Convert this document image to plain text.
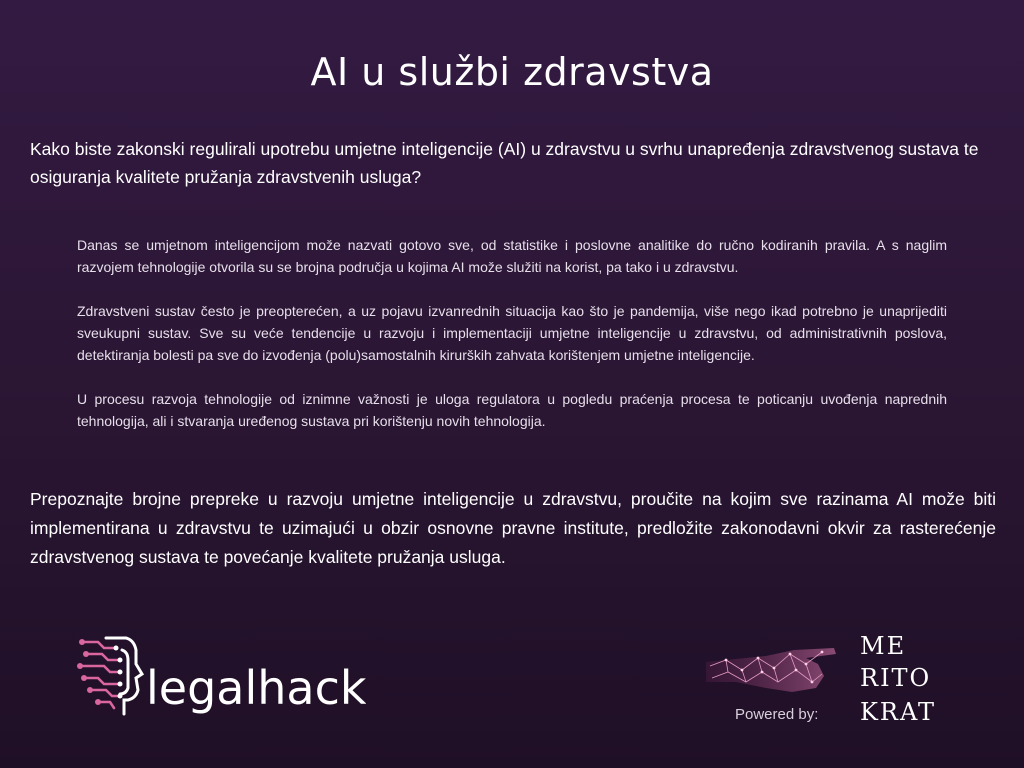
AI u službi zdravstva

Kako biste zakonski regulirali upotrebu umjetne inteligencije (AI) u zdravstvu u svrhu unapređenja zdravstvenog sustava te osiguranja kvalitete pružanja zdravstvenih usluga?

Danas se umjetnom inteligencijom može nazvati gotovo sve, od statistike i poslovne analitike do ručno kodiranih pravila. A s naglim razvojem tehnologije otvorila su se brojna područja u kojima AI može služiti na korist, pa tako i u zdravstvu.

Zdravstveni sustav često je preopterećen, a uz pojavu izvanrednih situacija kao što je pandemija, više nego ikad potrebno je unaprijediti sveukupni sustav. Sve su veće tendencije u razvoju i implementaciji umjetne inteligencije u zdravstvu, od administrativnih poslova, detektiranja bolesti pa sve do izvođenja (polu)samostalnih kirurških zahvata korištenjem umjetne inteligencije.

U procesu razvoja tehnologije od iznimne važnosti je uloga regulatora u pogledu praćenja procesa te poticanju uvođenja naprednih tehnologija, ali i stvaranja uređenog sustava pri korištenju novih tehnologija.

Prepoznajte brojne prepreke u razvoju umjetne inteligencije u zdravstvu, proučite na kojim sve razinama AI može biti implementirana u zdravstvu te uzimajući u obzir osnovne pravne institute, predložite zakonodavni okvir za rasterećenje zdravstvenog sustava te povećanje kvalitete pružanja usluga.

legalhack	Powered by:
ME
RITO
KRAT
